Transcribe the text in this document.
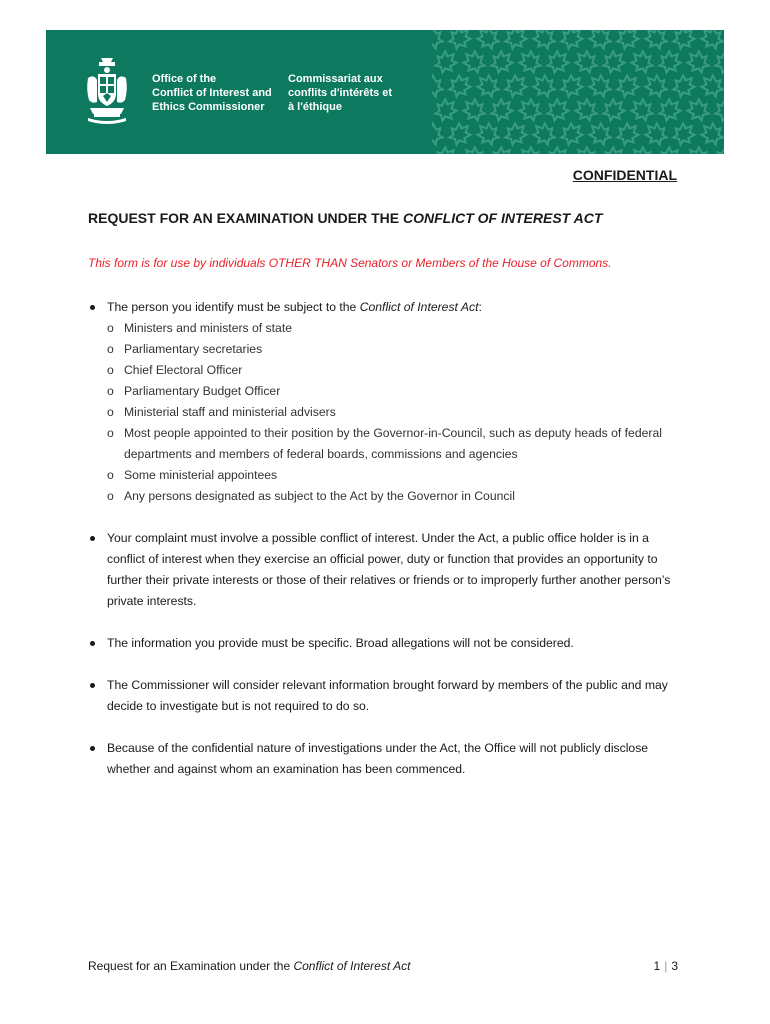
Office of the
Conflict of Interest and
Ethics Commissioner
Commissariat aux
conflits d'intérêts et
à l'éthique
CONFIDENTIAL
REQUEST FOR AN EXAMINATION UNDER THE CONFLICT OF INTEREST ACT
This form is for use by individuals OTHER THAN Senators or Members of the House of Commons.
The person you identify must be subject to the Conflict of Interest Act:
o Ministers and ministers of state
o Parliamentary secretaries
o Chief Electoral Officer
o Parliamentary Budget Officer
o Ministerial staff and ministerial advisers
o Most people appointed to their position by the Governor-in-Council, such as deputy heads of federal departments and members of federal boards, commissions and agencies
o Some ministerial appointees
o Any persons designated as subject to the Act by the Governor in Council
Your complaint must involve a possible conflict of interest. Under the Act, a public office holder is in a conflict of interest when they exercise an official power, duty or function that provides an opportunity to further their private interests or those of their relatives or friends or to improperly further another person’s private interests.
The information you provide must be specific. Broad allegations will not be considered.
The Commissioner will consider relevant information brought forward by members of the public and may decide to investigate but is not required to do so.
Because of the confidential nature of investigations under the Act, the Office will not publicly disclose whether and against whom an examination has been commenced.
Request for an Examination under the Conflict of Interest Act	1 | 3
